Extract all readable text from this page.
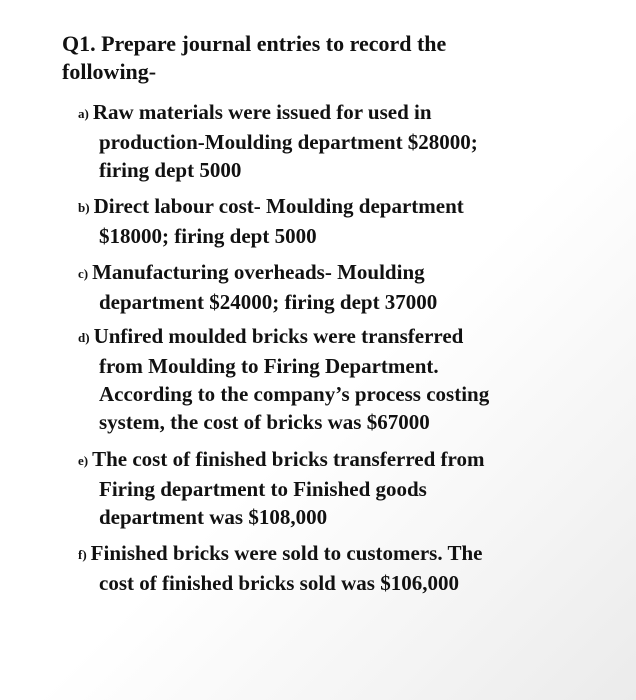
Q1. Prepare journal entries to record the
following-
a) Raw materials were issued for used in
production-Moulding department $28000;
firing dept 5000
b) Direct labour cost- Moulding department
$18000; firing dept 5000
c) Manufacturing overheads- Moulding
department $24000; firing dept 37000
d) Unfired moulded bricks were transferred
from Moulding to Firing Department.
According to the company’s process costing
system, the cost of bricks was $67000
e) The cost of finished bricks transferred from
Firing department to Finished goods
department was $108,000
f) Finished bricks were sold to customers. The
cost of finished bricks sold was $106,000
